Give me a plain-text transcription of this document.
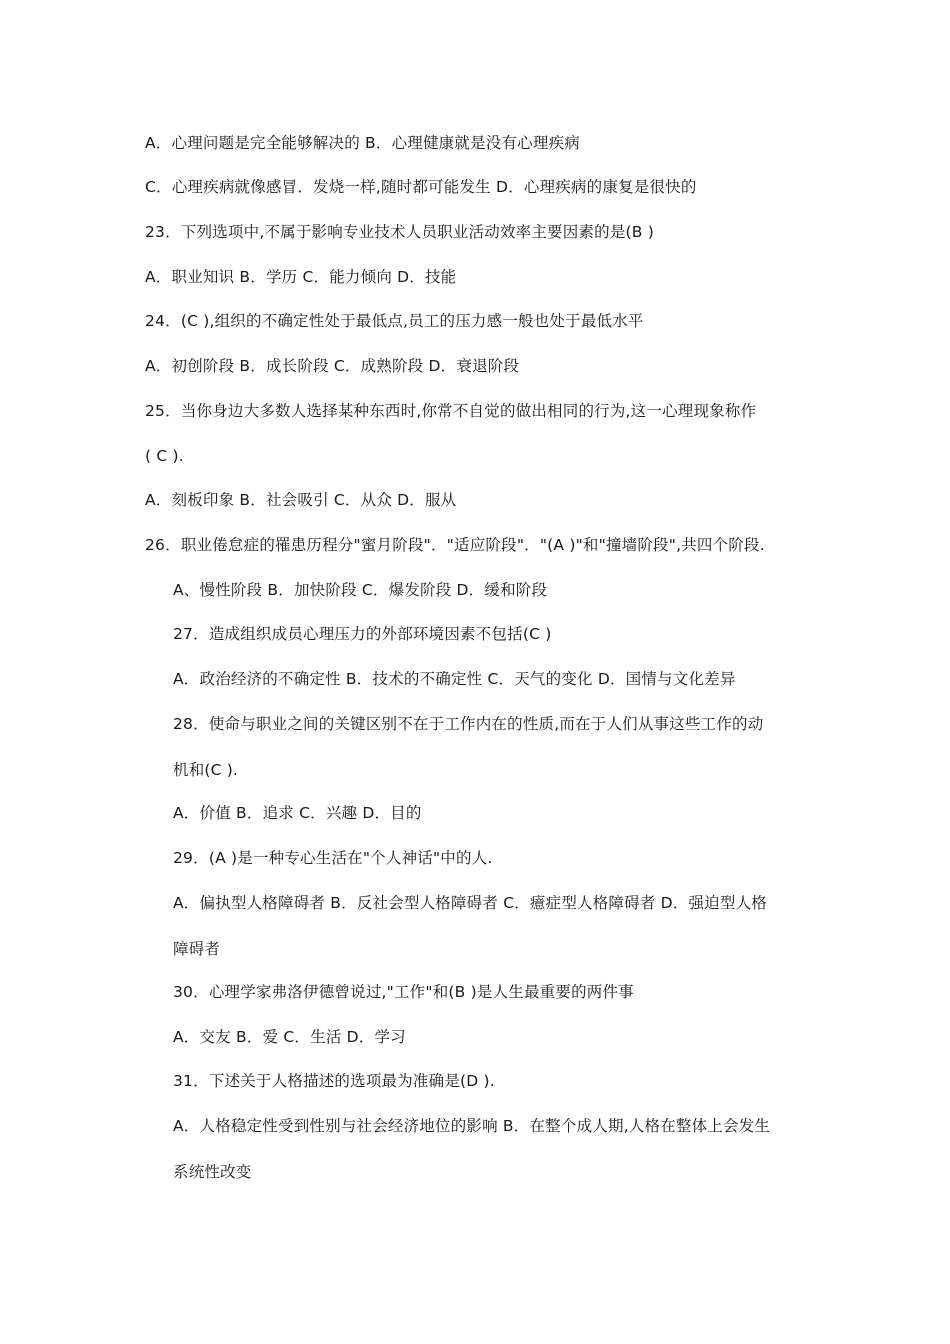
A．心理问题是完全能够解决的 B．心理健康就是没有心理疾病
C．心理疾病就像感冒．发烧一样,随时都可能发生 D．心理疾病的康复是很快的
23．下列选项中,不属于影响专业技术人员职业活动效率主要因素的是(B )
A．职业知识 B．学历 C．能力倾向 D．技能
24．(C ),组织的不确定性处于最低点,员工的压力感一般也处于最低水平
A．初创阶段 B．成长阶段 C．成熟阶段 D．衰退阶段
25．当你身边大多数人选择某种东西时,你常不自觉的做出相同的行为,这一心理现象称作
( C ).
A．刻板印象 B．社会吸引 C．从众 D．服从
26．职业倦怠症的罹患历程分"蜜月阶段"．"适应阶段"．"(A )"和"撞墙阶段",共四个阶段.
A、慢性阶段 B．加快阶段 C．爆发阶段 D．缓和阶段
27．造成组织成员心理压力的外部环境因素不包括(C )
A．政治经济的不确定性 B．技术的不确定性 C．天气的变化 D．国情与文化差异
28．使命与职业之间的关键区别不在于工作内在的性质,而在于人们从事这些工作的动
机和(C ).
A．价值 B．追求 C．兴趣 D．目的
29．(A )是一种专心生活在"个人神话"中的人.
A．偏执型人格障碍者 B．反社会型人格障碍者 C．癔症型人格障碍者 D．强迫型人格
障碍者
30．心理学家弗洛伊德曾说过,"工作"和(B )是人生最重要的两件事
A．交友 B．爱 C．生活 D．学习
31．下述关于人格描述的选项最为准确是(D ).
A．人格稳定性受到性别与社会经济地位的影响 B．在整个成人期,人格在整体上会发生
系统性改变
